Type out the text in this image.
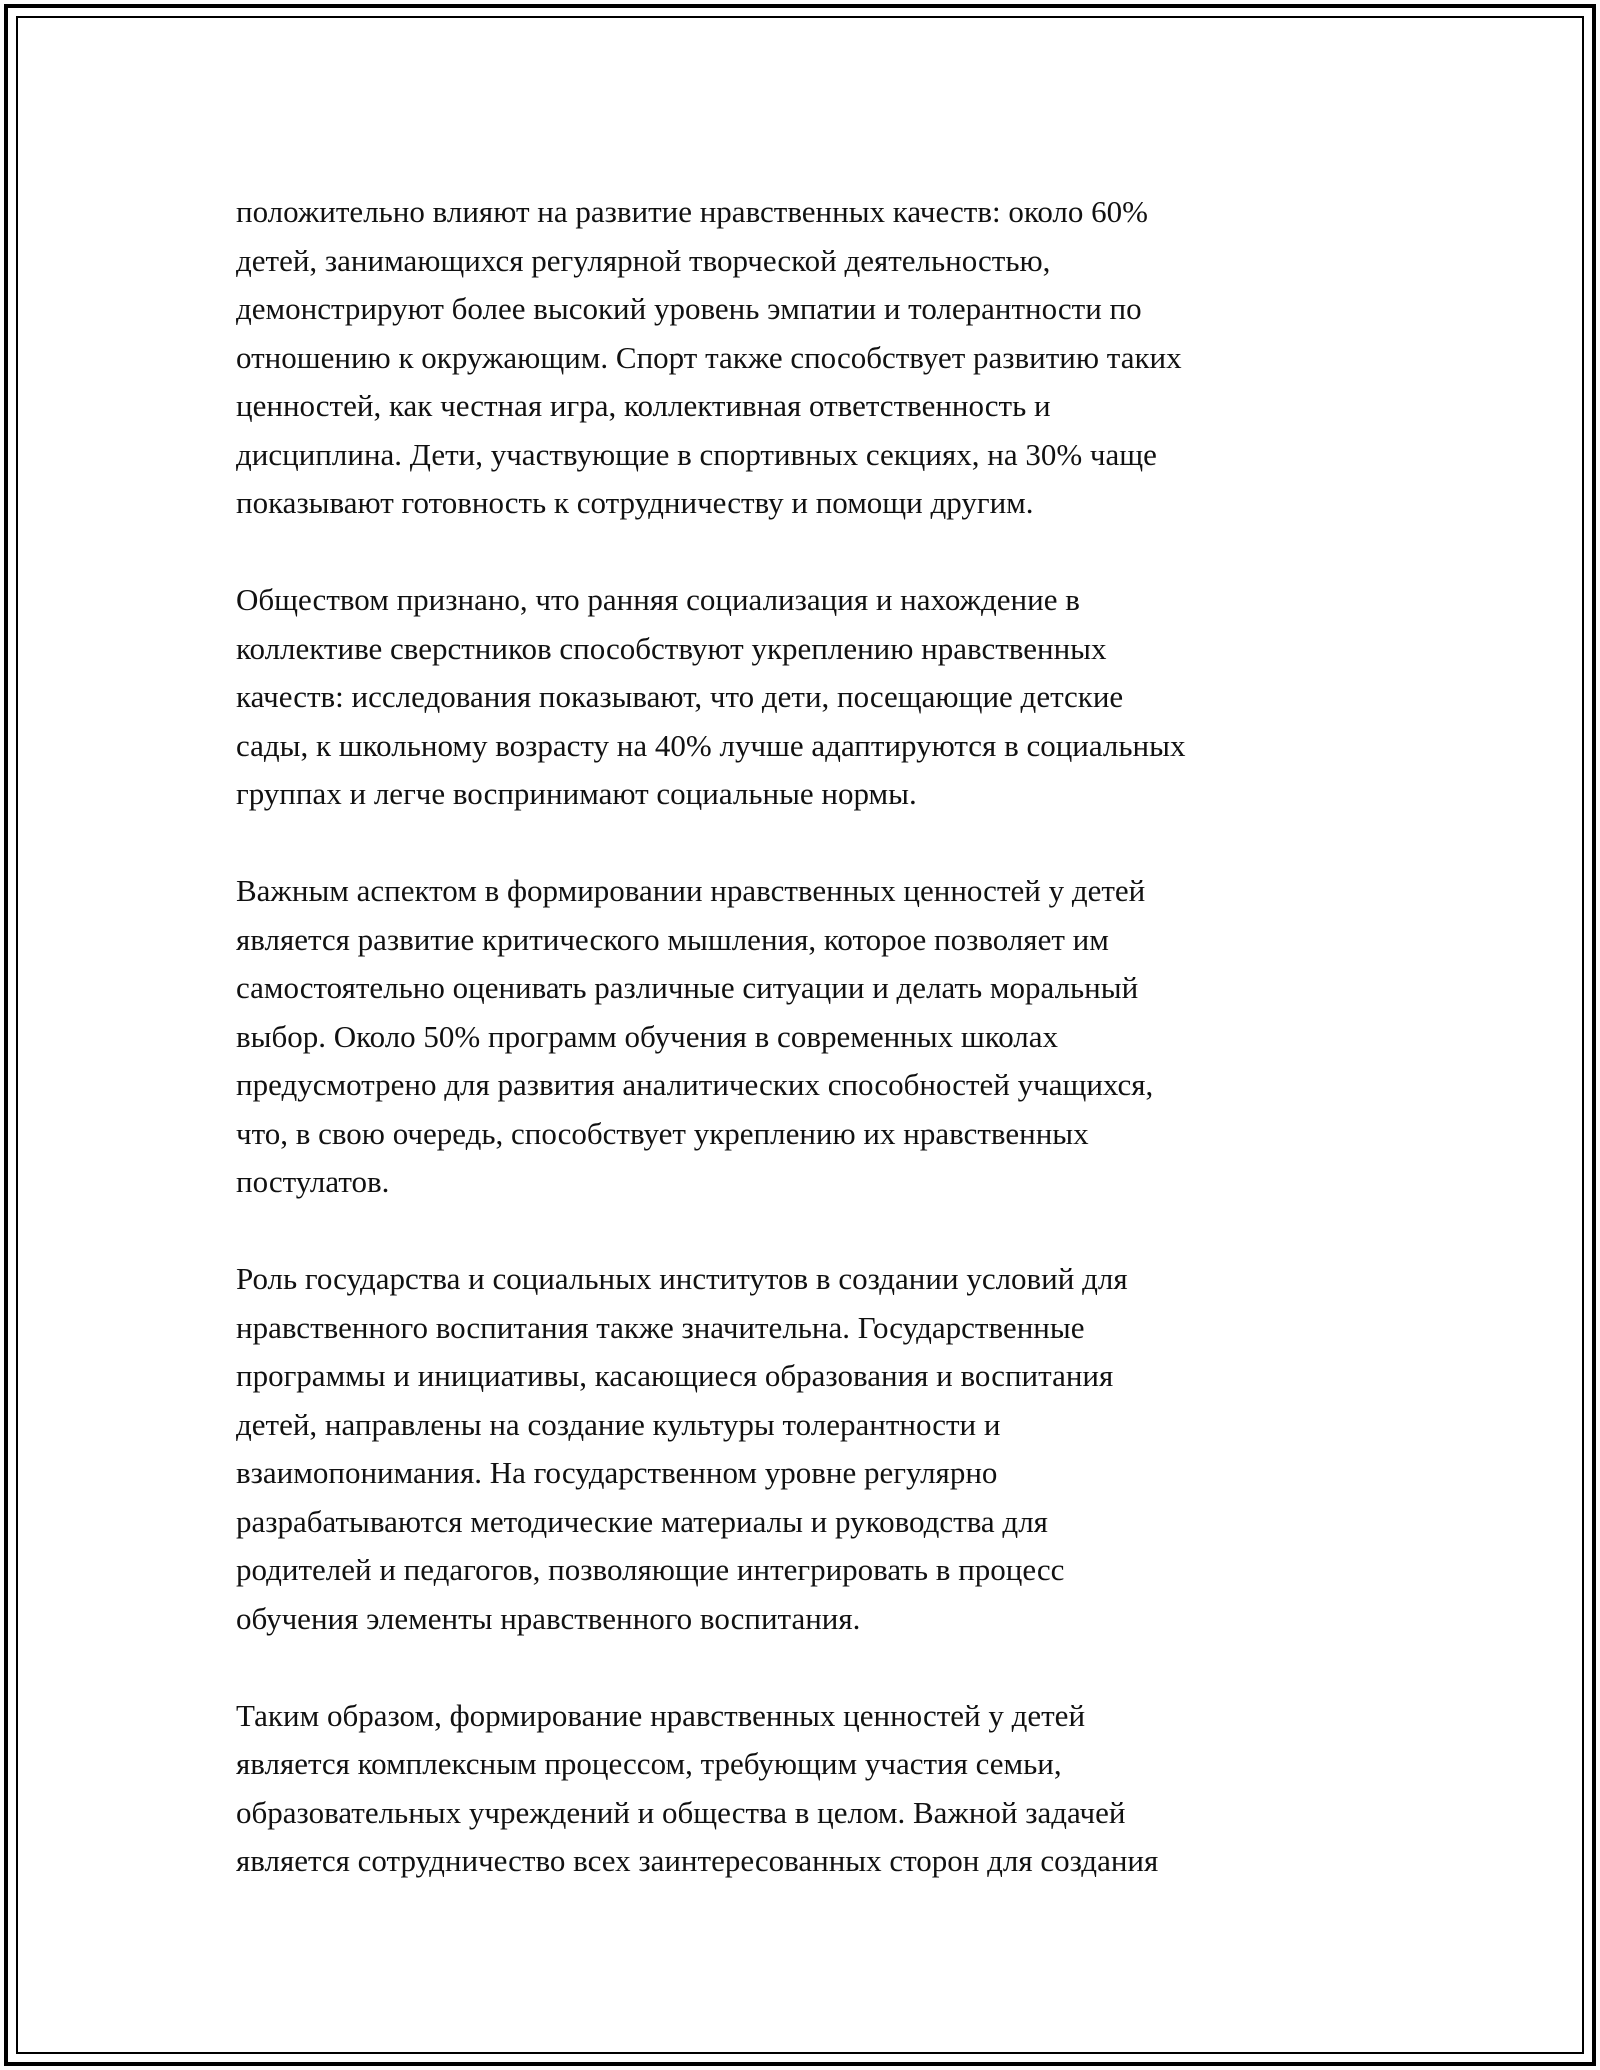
положительно влияют на развитие нравственных качеств: около 60%
детей, занимающихся регулярной творческой деятельностью,
демонстрируют более высокий уровень эмпатии и толерантности по
отношению к окружающим. Спорт также способствует развитию таких
ценностей, как честная игра, коллективная ответственность и
дисциплина. Дети, участвующие в спортивных секциях, на 30% чаще
показывают готовность к сотрудничеству и помощи другим.

Обществом признано, что ранняя социализация и нахождение в
коллективе сверстников способствуют укреплению нравственных
качеств: исследования показывают, что дети, посещающие детские
сады, к школьному возрасту на 40% лучше адаптируются в социальных
группах и легче воспринимают социальные нормы.

Важным аспектом в формировании нравственных ценностей у детей
является развитие критического мышления, которое позволяет им
самостоятельно оценивать различные ситуации и делать моральный
выбор. Около 50% программ обучения в современных школах
предусмотрено для развития аналитических способностей учащихся,
что, в свою очередь, способствует укреплению их нравственных
постулатов.

Роль государства и социальных институтов в создании условий для
нравственного воспитания также значительна. Государственные
программы и инициативы, касающиеся образования и воспитания
детей, направлены на создание культуры толерантности и
взаимопонимания. На государственном уровне регулярно
разрабатываются методические материалы и руководства для
родителей и педагогов, позволяющие интегрировать в процесс
обучения элементы нравственного воспитания.

Таким образом, формирование нравственных ценностей у детей
является комплексным процессом, требующим участия семьи,
образовательных учреждений и общества в целом. Важной задачей
является сотрудничество всех заинтересованных сторон для создания
